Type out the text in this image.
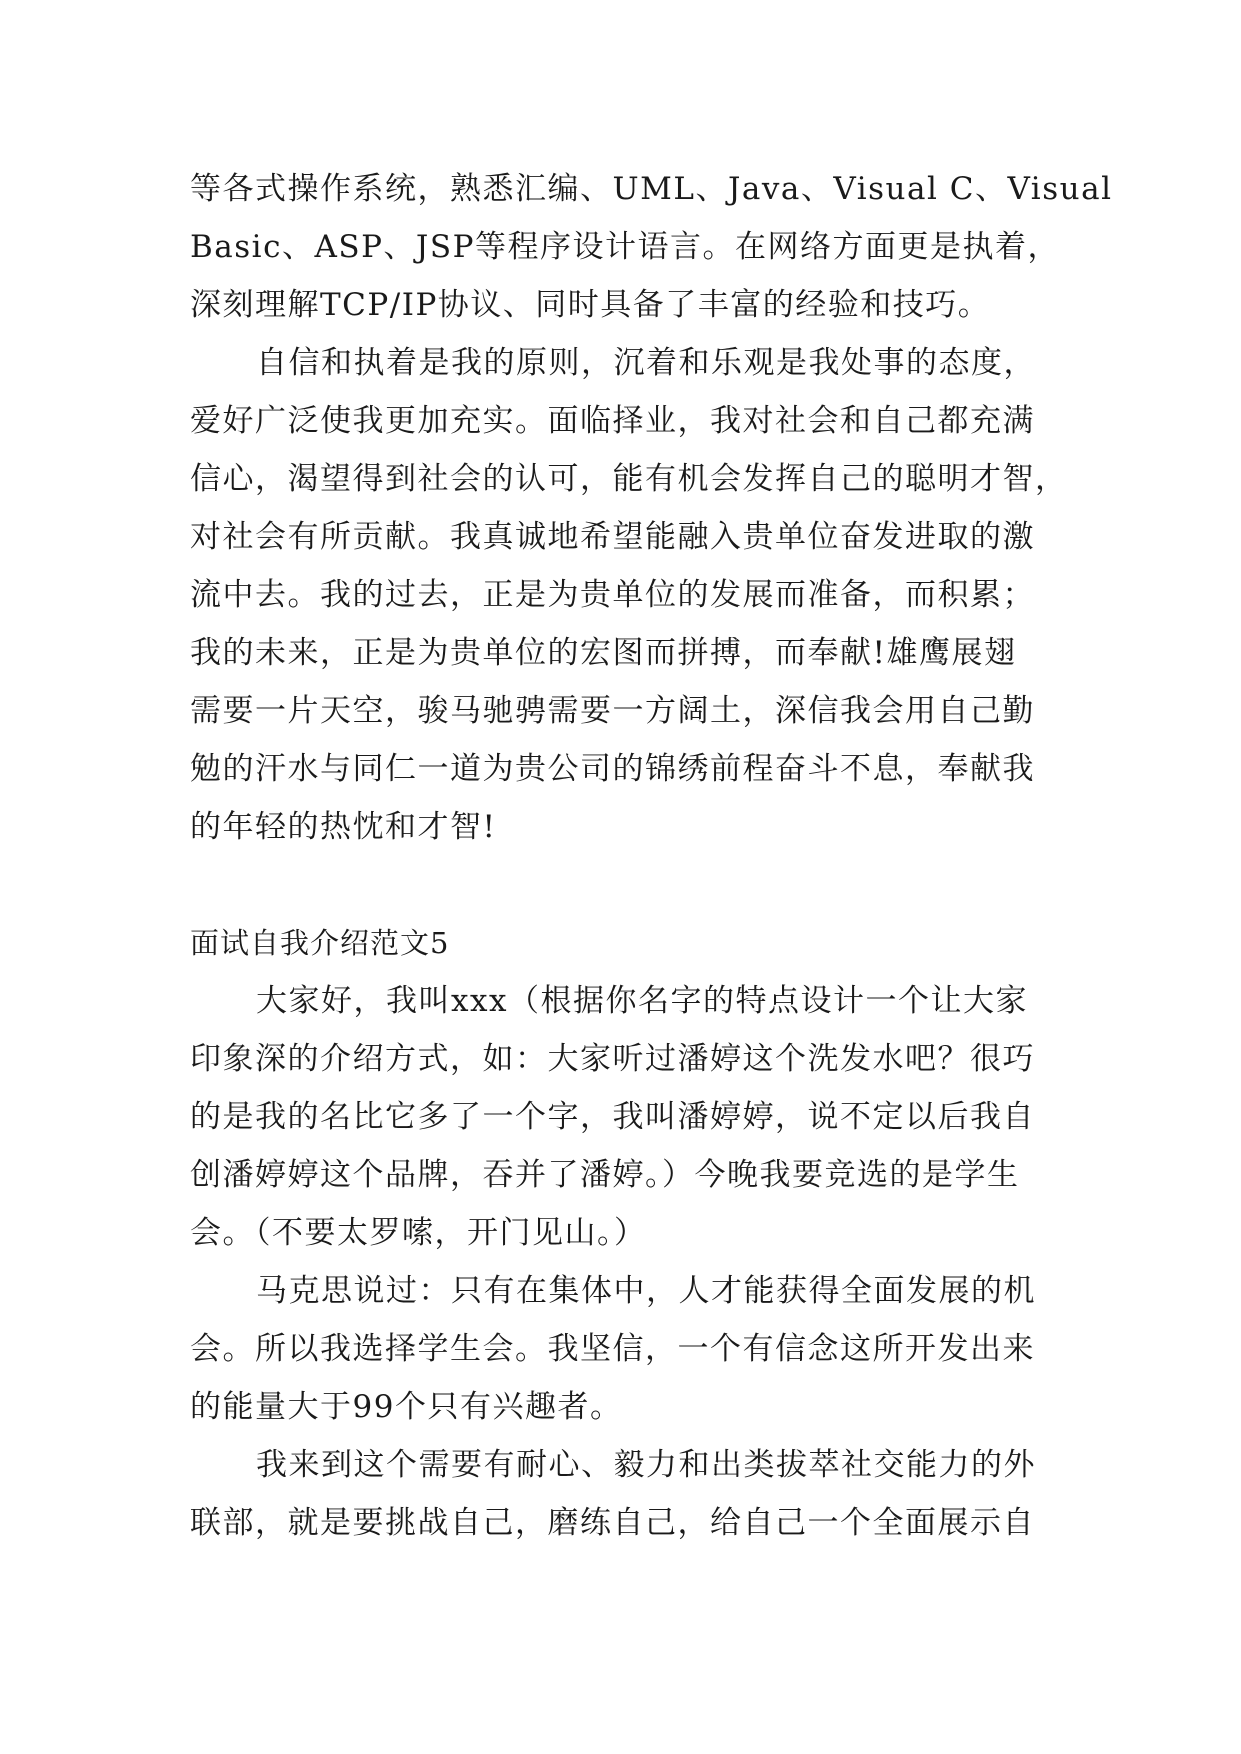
等各式操作系统，熟悉汇编、UML、Java、Visual C、Visual
Basic、ASP、JSP等程序设计语言。在网络方面更是执着，
深刻理解TCP/IP协议、同时具备了丰富的经验和技巧。
自信和执着是我的原则，沉着和乐观是我处事的态度，
爱好广泛使我更加充实。面临择业，我对社会和自己都充满
信心，渴望得到社会的认可，能有机会发挥自己的聪明才智，
对社会有所贡献。我真诚地希望能融入贵单位奋发进取的激
流中去。我的过去，正是为贵单位的发展而准备，而积累；
我的未来，正是为贵单位的宏图而拼搏，而奉献!雄鹰展翅
需要一片天空，骏马驰骋需要一方阔土，深信我会用自己勤
勉的汗水与同仁一道为贵公司的锦绣前程奋斗不息，奉献我
的年轻的热忱和才智!
面试自我介绍范文5
大家好，我叫xxx（根据你名字的特点设计一个让大家
印象深的介绍方式，如：大家听过潘婷这个洗发水吧？很巧
的是我的名比它多了一个字，我叫潘婷婷，说不定以后我自
创潘婷婷这个品牌，吞并了潘婷。）今晚我要竞选的是学生
会。（不要太罗嗦，开门见山。）
马克思说过：只有在集体中，人才能获得全面发展的机
会。所以我选择学生会。我坚信，一个有信念这所开发出来
的能量大于99个只有兴趣者。
我来到这个需要有耐心、毅力和出类拔萃社交能力的外
联部，就是要挑战自己，磨练自己，给自己一个全面展示自
